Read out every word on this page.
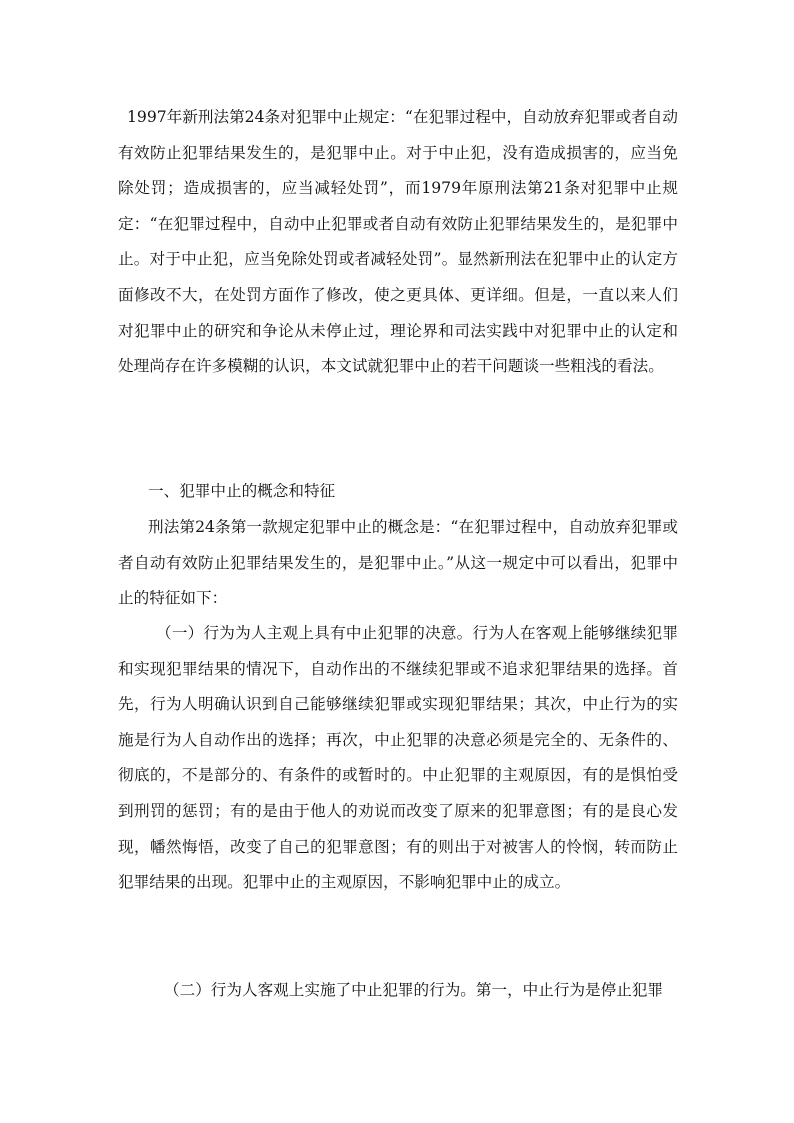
1997年新刑法第24条对犯罪中止规定：“在犯罪过程中，自动放弃犯罪或者自动有效防止犯罪结果发生的，是犯罪中止。对于中止犯，没有造成损害的，应当免除处罚；造成损害的，应当减轻处罚”，而1979年原刑法第21条对犯罪中止规定：“在犯罪过程中，自动中止犯罪或者自动有效防止犯罪结果发生的，是犯罪中止。对于中止犯，应当免除处罚或者减轻处罚”。显然新刑法在犯罪中止的认定方面修改不大，在处罚方面作了修改，使之更具体、更详细。但是，一直以来人们对犯罪中止的研究和争论从未停止过，理论界和司法实践中对犯罪中止的认定和处理尚存在许多模糊的认识，本文试就犯罪中止的若干问题谈一些粗浅的看法。

一、犯罪中止的概念和特征

刑法第24条第一款规定犯罪中止的概念是：“在犯罪过程中，自动放弃犯罪或者自动有效防止犯罪结果发生的，是犯罪中止。”从这一规定中可以看出，犯罪中止的特征如下：

（一）行为为人主观上具有中止犯罪的决意。行为人在客观上能够继续犯罪和实现犯罪结果的情况下，自动作出的不继续犯罪或不追求犯罪结果的选择。首先，行为人明确认识到自己能够继续犯罪或实现犯罪结果；其次，中止行为的实施是行为人自动作出的选择；再次，中止犯罪的决意必须是完全的、无条件的、彻底的，不是部分的、有条件的或暂时的。中止犯罪的主观原因，有的是惧怕受到刑罚的惩罚；有的是由于他人的劝说而改变了原来的犯罪意图；有的是良心发现，幡然悔悟，改变了自己的犯罪意图；有的则出于对被害人的怜悯，转而防止犯罪结果的出现。犯罪中止的主观原因，不影响犯罪中止的成立。

（二）行为人客观上实施了中止犯罪的行为。第一，中止行为是停止犯罪
